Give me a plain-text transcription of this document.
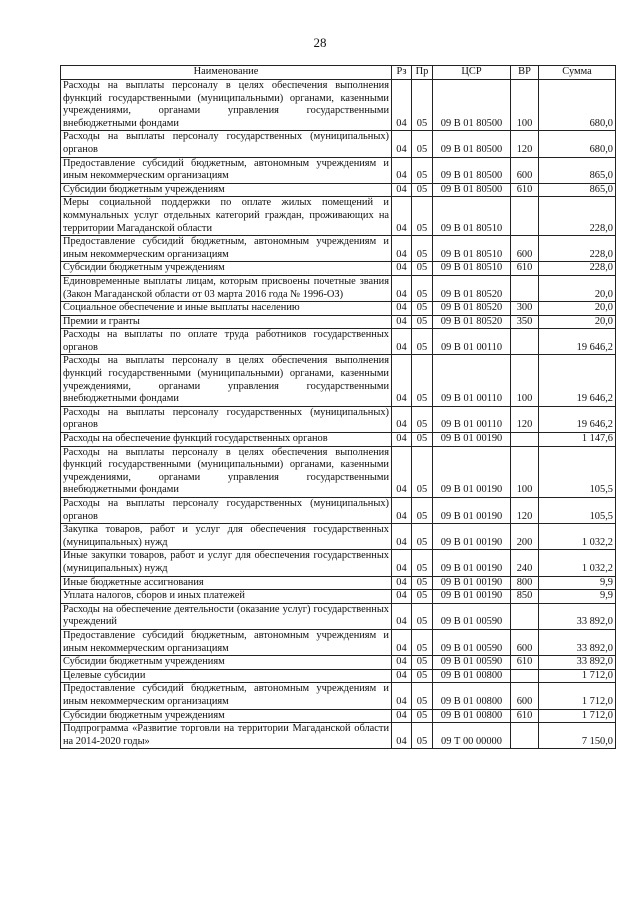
28
Наименование	Рз	Пр	ЦСР	ВР	Сумма
Расходы на выплаты персоналу в целях обеспечения выполнения функций государственными (муниципальными) органами, казенными учреждениями, органами управления государственными внебюджетными фондами	04	05	09 В 01 80500	100	680,0
Расходы на выплаты персоналу государственных (муниципальных) органов	04	05	09 В 01 80500	120	680,0
Предоставление субсидий бюджетным, автономным учреждениям и иным некоммерческим организациям	04	05	09 В 01 80500	600	865,0
Субсидии бюджетным учреждениям	04	05	09 В 01 80500	610	865,0
Меры социальной поддержки по оплате жилых помещений и коммунальных услуг отдельных категорий граждан, проживающих на территории Магаданской области	04	05	09 В 01 80510		228,0
Предоставление субсидий бюджетным, автономным учреждениям и иным некоммерческим организациям	04	05	09 В 01 80510	600	228,0
Субсидии бюджетным учреждениям	04	05	09 В 01 80510	610	228,0
Единовременные выплаты лицам, которым присвоены почетные звания (Закон Магаданской области от 03 марта 2016 года № 1996-ОЗ)	04	05	09 В 01 80520		20,0
Социальное обеспечение и иные выплаты населению	04	05	09 В 01 80520	300	20,0
Премии и гранты	04	05	09 В 01 80520	350	20,0
Расходы на выплаты по оплате труда работников государственных органов	04	05	09 В 01 00110		19 646,2
Расходы на выплаты персоналу в целях обеспечения выполнения функций государственными (муниципальными) органами, казенными учреждениями, органами управления государственными внебюджетными фондами	04	05	09 В 01 00110	100	19 646,2
Расходы на выплаты персоналу государственных (муниципальных) органов	04	05	09 В 01 00110	120	19 646,2
Расходы на обеспечение функций государственных органов	04	05	09 В 01 00190		1 147,6
Расходы на выплаты персоналу в целях обеспечения выполнения функций государственными (муниципальными) органами, казенными учреждениями, органами управления государственными внебюджетными фондами	04	05	09 В 01 00190	100	105,5
Расходы на выплаты персоналу государственных (муниципальных) органов	04	05	09 В 01 00190	120	105,5
Закупка товаров, работ и услуг для обеспечения государственных (муниципальных) нужд	04	05	09 В 01 00190	200	1 032,2
Иные закупки товаров, работ и услуг для обеспечения государственных (муниципальных) нужд	04	05	09 В 01 00190	240	1 032,2
Иные бюджетные ассигнования	04	05	09 В 01 00190	800	9,9
Уплата налогов, сборов и иных платежей	04	05	09 В 01 00190	850	9,9
Расходы на обеспечение деятельности (оказание услуг) государственных учреждений	04	05	09 В 01 00590		33 892,0
Предоставление субсидий бюджетным, автономным учреждениям и иным некоммерческим организациям	04	05	09 В 01 00590	600	33 892,0
Субсидии бюджетным учреждениям	04	05	09 В 01 00590	610	33 892,0
Целевые субсидии	04	05	09 В 01 00800		1 712,0
Предоставление субсидий бюджетным, автономным учреждениям и иным некоммерческим организациям	04	05	09 В 01 00800	600	1 712,0
Субсидии бюджетным учреждениям	04	05	09 В 01 00800	610	1 712,0
Подпрограмма «Развитие торговли на территории Магаданской области на 2014-2020 годы»	04	05	09 Т 00 00000		7 150,0
